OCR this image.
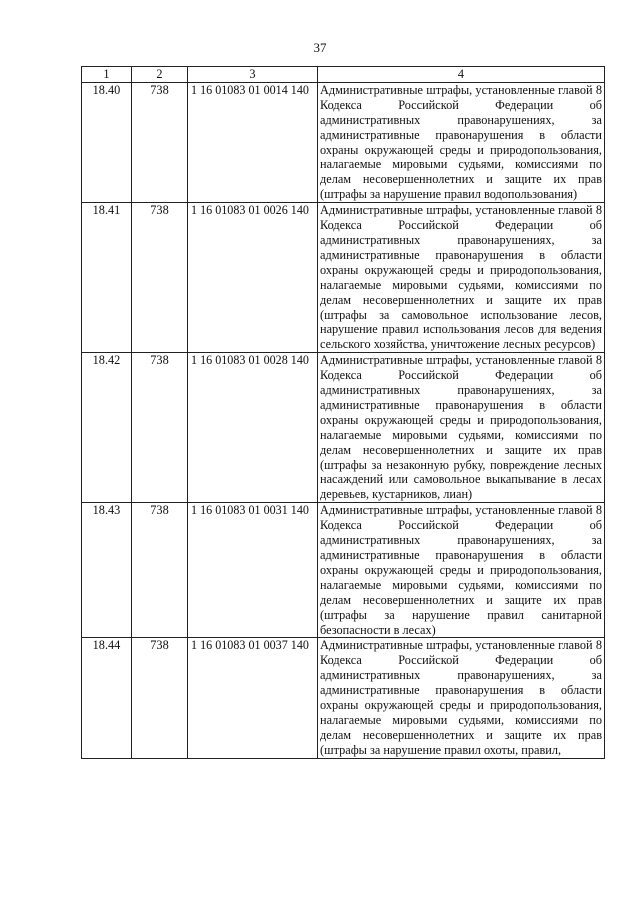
37
1	2	3	4
18.40	738	1 16 01083 01 0014 140	Административные штрафы, установленные главой 8 Кодекса Российской Федерации об административных правонарушениях, за административные правонарушения в области охраны окружающей среды и природопользования, налагаемые мировыми судьями, комиссиями по делам несовершеннолетних и защите их прав (штрафы за нарушение правил водопользования)
18.41	738	1 16 01083 01 0026 140	Административные штрафы, установленные главой 8 Кодекса Российской Федерации об административных правонарушениях, за административные правонарушения в области охраны окружающей среды и природопользования, налагаемые мировыми судьями, комиссиями по делам несовершеннолетних и защите их прав (штрафы за самовольное использование лесов, нарушение правил использования лесов для ведения сельского хозяйства, уничтожение лесных ресурсов)
18.42	738	1 16 01083 01 0028 140	Административные штрафы, установленные главой 8 Кодекса Российской Федерации об административных правонарушениях, за административные правонарушения в области охраны окружающей среды и природопользования, налагаемые мировыми судьями, комиссиями по делам несовершеннолетних и защите их прав (штрафы за незаконную рубку, повреждение лесных насаждений или самовольное выкапывание в лесах деревьев, кустарников, лиан)
18.43	738	1 16 01083 01 0031 140	Административные штрафы, установленные главой 8 Кодекса Российской Федерации об административных правонарушениях, за административные правонарушения в области охраны окружающей среды и природопользования, налагаемые мировыми судьями, комиссиями по делам несовершеннолетних и защите их прав (штрафы за нарушение правил санитарной безопасности в лесах)
18.44	738	1 16 01083 01 0037 140	Административные штрафы, установленные главой 8 Кодекса Российской Федерации об административных правонарушениях, за административные правонарушения в области охраны окружающей среды и природопользования, налагаемые мировыми судьями, комиссиями по делам несовершеннолетних и защите их прав (штрафы за нарушение правил охоты, правил,
